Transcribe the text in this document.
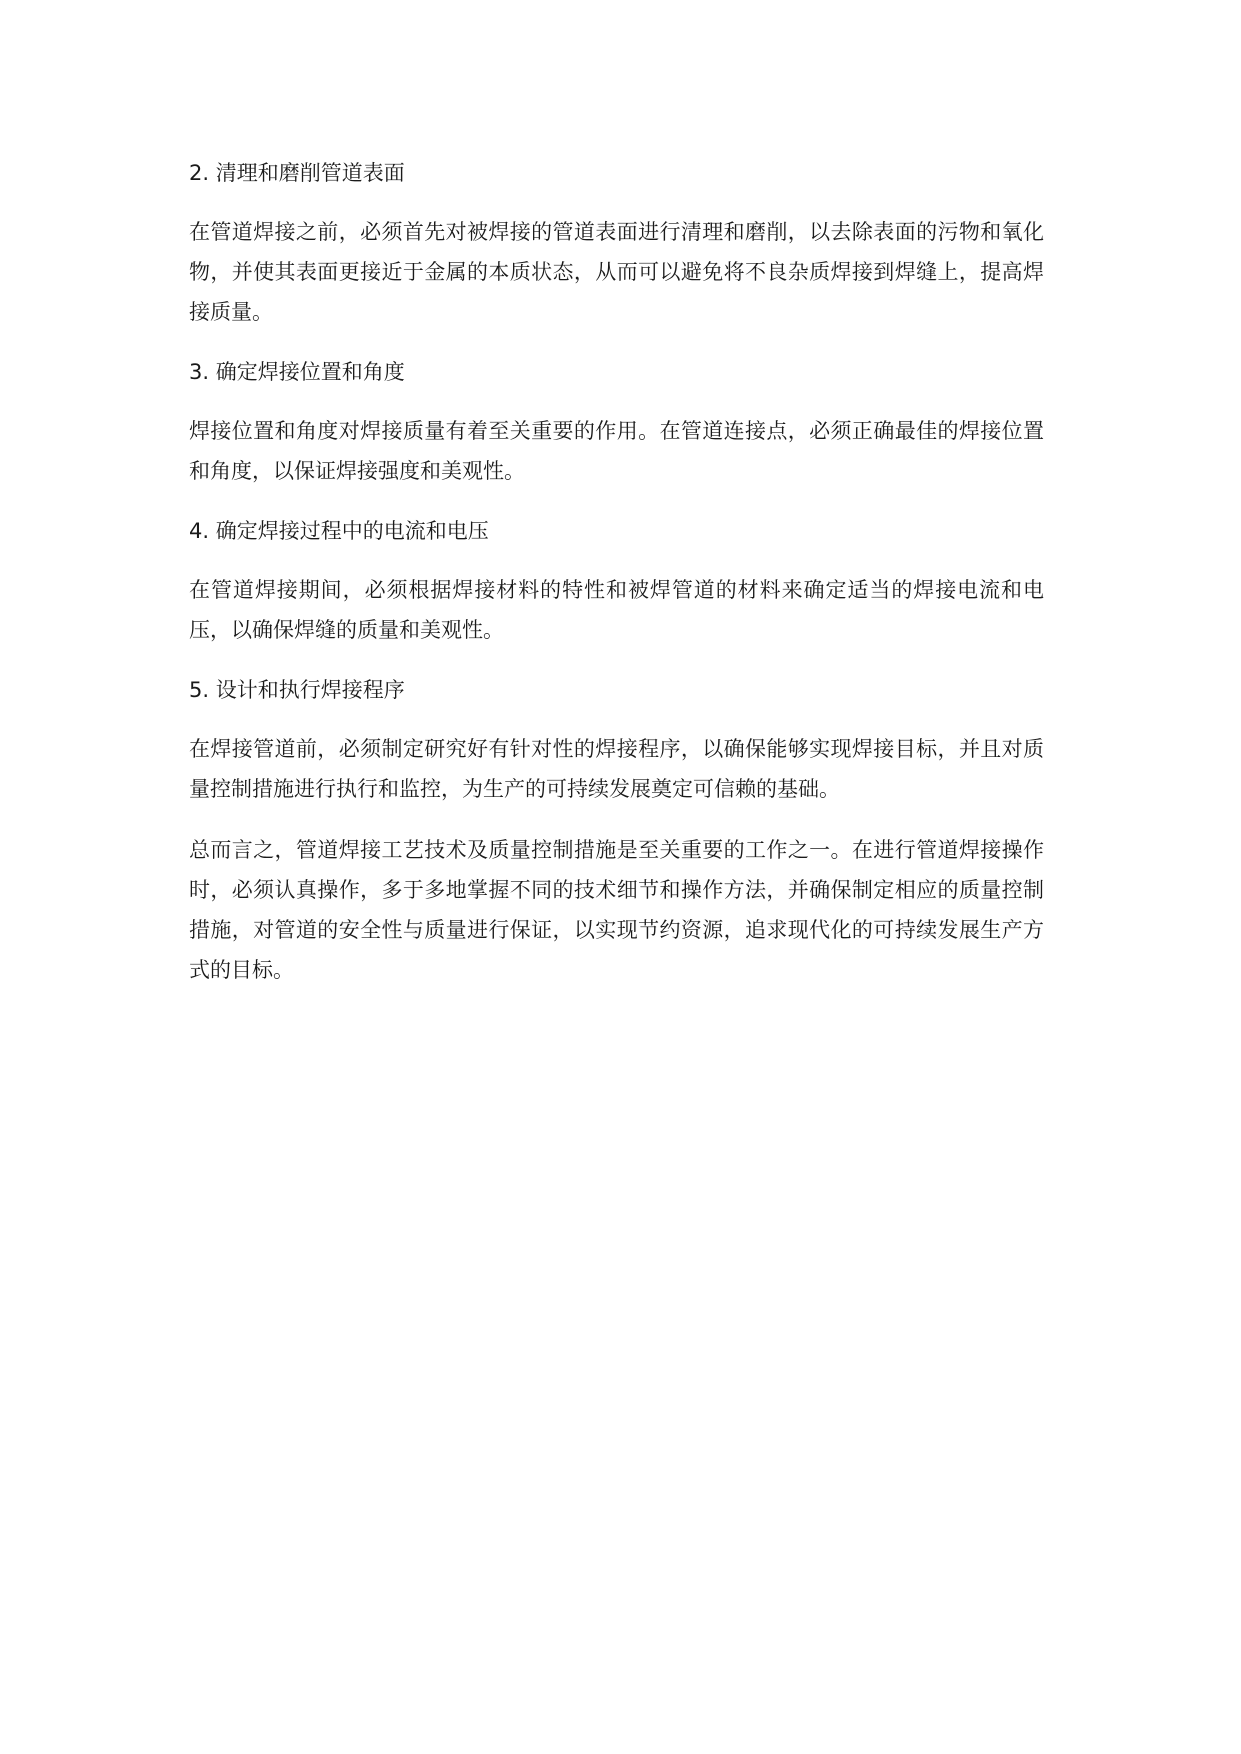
2. 清理和磨削管道表面

在管道焊接之前，必须首先对被焊接的管道表面进行清理和磨削，以去除表面的污物和氧化物，并使其表面更接近于金属的本质状态，从而可以避免将不良杂质焊接到焊缝上，提高焊接质量。

3. 确定焊接位置和角度

焊接位置和角度对焊接质量有着至关重要的作用。在管道连接点，必须正确最佳的焊接位置和角度，以保证焊接强度和美观性。

4. 确定焊接过程中的电流和电压

在管道焊接期间，必须根据焊接材料的特性和被焊管道的材料来确定适当的焊接电流和电压，以确保焊缝的质量和美观性。

5. 设计和执行焊接程序

在焊接管道前，必须制定研究好有针对性的焊接程序，以确保能够实现焊接目标，并且对质量控制措施进行执行和监控，为生产的可持续发展奠定可信赖的基础。

总而言之，管道焊接工艺技术及质量控制措施是至关重要的工作之一。在进行管道焊接操作时，必须认真操作，多于多地掌握不同的技术细节和操作方法，并确保制定相应的质量控制措施，对管道的安全性与质量进行保证，以实现节约资源，追求现代化的可持续发展生产方式的目标。
